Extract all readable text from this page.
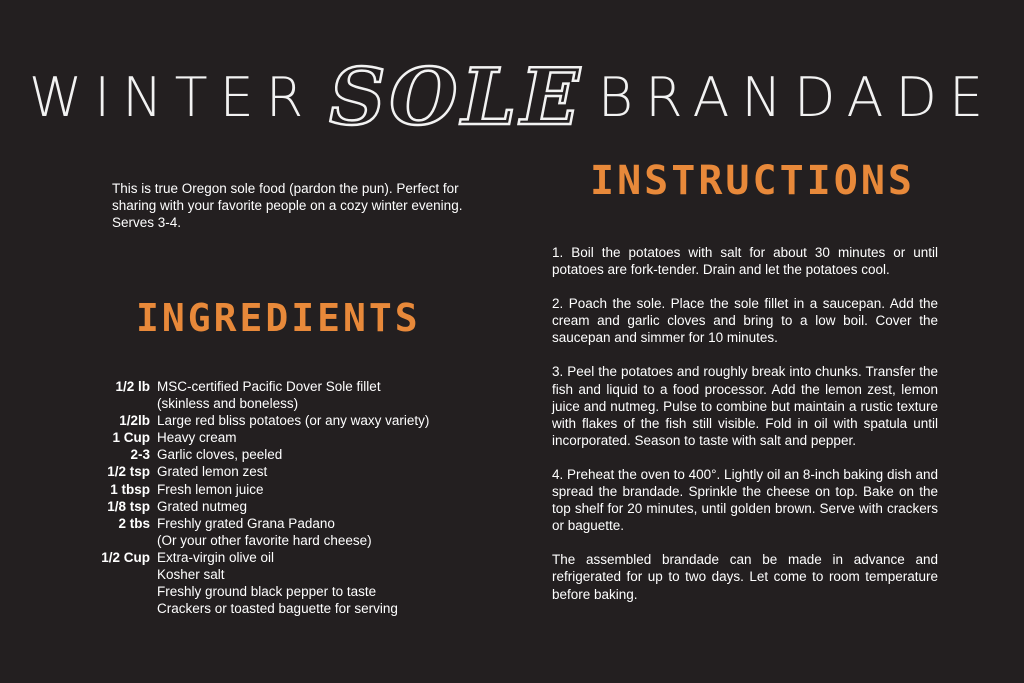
WINTER SOLE BRANDADE
This is true Oregon sole food (pardon the pun). Perfect for sharing with your favorite people on a cozy winter evening. Serves 3-4.
INGREDIENTS
1/2 lb MSC-certified Pacific Dover Sole fillet
(skinless and boneless)
1/2lb Large red bliss potatoes (or any waxy variety)
1 Cup Heavy cream
2-3 Garlic cloves, peeled
1/2 tsp Grated lemon zest
1 tbsp Fresh lemon juice
1/8 tsp Grated nutmeg
2 tbs Freshly grated Grana Padano
(Or your other favorite hard cheese)
1/2 Cup Extra-virgin olive oil
Kosher salt
Freshly ground black pepper to taste
Crackers or toasted baguette for serving
INSTRUCTIONS

1. Boil the potatoes with salt for about 30 minutes or until potatoes are fork-tender. Drain and let the potatoes cool.

2. Poach the sole. Place the sole fillet in a saucepan. Add the cream and garlic cloves and bring to a low boil. Cover the saucepan and simmer for 10 minutes.

3. Peel the potatoes and roughly break into chunks. Transfer the fish and liquid to a food processor. Add the lemon zest, lemon juice and nutmeg. Pulse to combine but maintain a rustic texture with flakes of the fish still visible. Fold in oil with spatula until incorporated. Season to taste with salt and pepper.

4. Preheat the oven to 400°. Lightly oil an 8-inch baking dish and spread the brandade. Sprinkle the cheese on top. Bake on the top shelf for 20 minutes, until golden brown. Serve with crackers or baguette.

The assembled brandade can be made in advance and refrigerated for up to two days. Let come to room temperature before baking.
